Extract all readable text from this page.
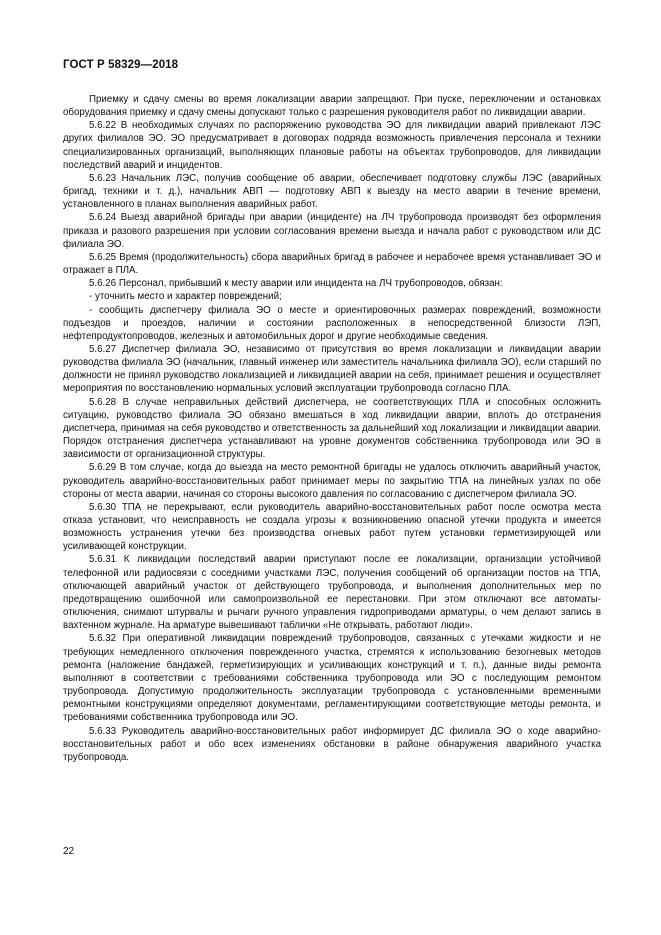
ГОСТ Р 58329—2018

Приемку и сдачу смены во время локализации аварии запрещают. При пуске, переключении и остановках оборудования приемку и сдачу смены допускают только с разрешения руководителя работ по ликвидации аварии.

5.6.22 В необходимых случаях по распоряжению руководства ЭО для ликвидации аварий привлекают ЛЭС других филиалов ЭО. ЭО предусматривает в договорах подряда возможность привлечения персонала и техники специализированных организаций, выполняющих плановые работы на объектах трубопроводов, для ликвидации последствий аварий и инцидентов.

5.6.23 Начальник ЛЭС, получив сообщение об аварии, обеспечивает подготовку службы ЛЭС (аварийных бригад, техники и т. д.), начальник АВП — подготовку АВП к выезду на место аварии в течение времени, установленного в планах выполнения аварийных работ.

5.6.24 Выезд аварийной бригады при аварии (инциденте) на ЛЧ трубопровода производят без оформления приказа и разового разрешения при условии согласования времени выезда и начала работ с руководством или ДС филиала ЭО.

5.6.25 Время (продолжительность) сбора аварийных бригад в рабочее и нерабочее время устанавливает ЭО и отражает в ПЛА.

5.6.26 Персонал, прибывший к месту аварии или инцидента на ЛЧ трубопроводов, обязан:

- уточнить место и характер повреждений;

- сообщить диспетчеру филиала ЭО о месте и ориентировочных размерах повреждений, возможности подъездов и проездов, наличии и состоянии расположенных в непосредственной близости ЛЭП, нефтепродуктопроводов, железных и автомобильных дорог и другие необходимые сведения.

5.6.27 Диспетчер филиала ЭО, независимо от присутствия во время локализации и ликвидации аварии руководства филиала ЭО (начальник, главный инженер или заместитель начальника филиала ЭО), если старший по должности не принял руководство локализацией и ликвидацией аварии на себя, принимает решения и осуществляет мероприятия по восстановлению нормальных условий эксплуатации трубопровода согласно ПЛА.

5.6.28 В случае неправильных действий диспетчера, не соответствующих ПЛА и способных осложнить ситуацию, руководство филиала ЭО обязано вмешаться в ход ликвидации аварии, вплоть до отстранения диспетчера, принимая на себя руководство и ответственность за дальнейший ход локализации и ликвидации аварии. Порядок отстранения диспетчера устанавливают на уровне документов собственника трубопровода или ЭО в зависимости от организационной структуры.

5.6.29 В том случае, когда до выезда на место ремонтной бригады не удалось отключить аварийный участок, руководитель аварийно-восстановительных работ принимает меры по закрытию ТПА на линейных узлах по обе стороны от места аварии, начиная со стороны высокого давления по согласованию с диспетчером филиала ЭО.

5.6.30 ТПА не перекрывают, если руководитель аварийно-восстановительных работ после осмотра места отказа установит, что неисправность не создала угрозы к возникновению опасной утечки продукта и имеется возможность устранения утечки без производства огневых работ путем установки герметизирующей или усиливающей конструкции.

5.6.31 К ликвидации последствий аварии приступают после ее локализации, организации устойчивой телефонной или радиосвязи с соседними участками ЛЭС, получения сообщений об организации постов на ТПА, отключающей аварийный участок от действующего трубопровода, и выполнения дополнительных мер по предотвращению ошибочной или самопроизвольной ее перестановки. При этом отключают все автоматы-отключения, снимают штурвалы и рычаги ручного управления гидроприводами арматуры, о чем делают запись в вахтенном журнале. На арматуре вывешивают таблички «Не открывать, работают люди».

5.6.32 При оперативной ликвидации повреждений трубопроводов, связанных с утечками жидкости и не требующих немедленного отключения поврежденного участка, стремятся к использованию безогневых методов ремонта (наложение бандажей, герметизирующих и усиливающих конструкций и т. п.), данные виды ремонта выполняют в соответствии с требованиями собственника трубопровода или ЭО с последующим ремонтом трубопровода. Допустимую продолжительность эксплуатации трубопровода с установленными временными ремонтными конструкциями определяют документами, регламентирующими соответствующие методы ремонта, и требованиями собственника трубопровода или ЭО.

5.6.33 Руководитель аварийно-восстановительных работ информирует ДС филиала ЭО о ходе аварийно-восстановительных работ и обо всех изменениях обстановки в районе обнаружения аварийного участка трубопровода.

22
